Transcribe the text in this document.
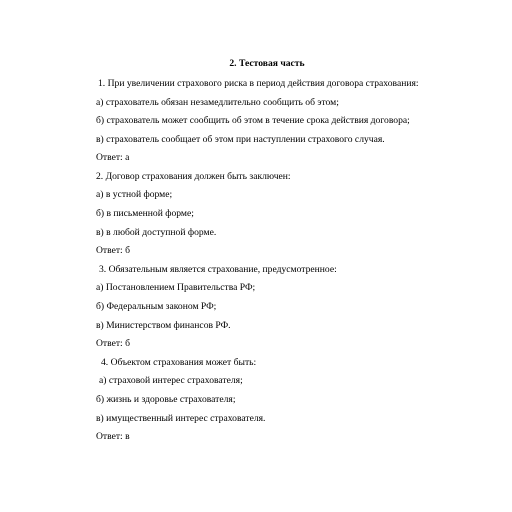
2. Тестовая часть

1. При увеличении страхового риска в период действия договора страхования:

а) страхователь обязан незамедлительно сообщить об этом;
б) страхователь может сообщить об этом в течение срока действия договора;
в) страхователь сообщает об этом при наступлении страхового случая.
Ответ: а
2. Договор страхования должен быть заключен:
а) в устной форме;
б) в письменной форме;
в) в любой доступной форме.
Ответ: б
3. Обязательным является страхование, предусмотренное:
а) Постановлением Правительства РФ;
б) Федеральным законом РФ;
в) Министерством финансов РФ.
Ответ: б
4. Объектом страхования может быть:
а) страховой интерес страхователя;
б) жизнь и здоровье страхователя;
в) имущественный интерес страхователя.
Ответ: в
